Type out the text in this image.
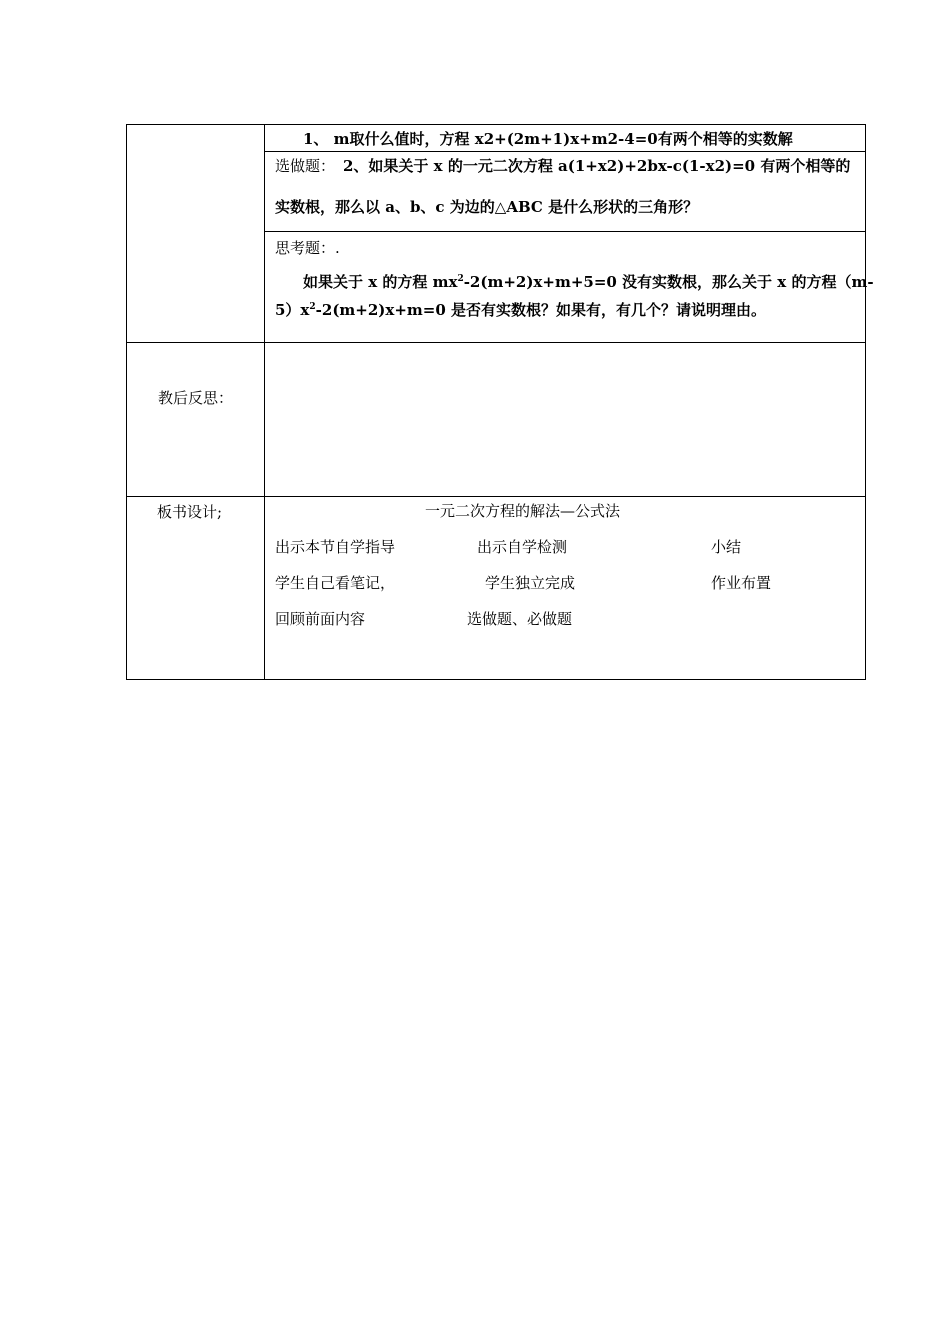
1、 m取什么值时，方程 x2+(2m+1)x+m2-4=0有两个相等的实数解
选做题： 2、如果关于 x 的一元二次方程 a(1+x2)+2bx-c(1-x2)=0 有两个相等的
实数根，那么以 a、b、c 为边的△ABC 是什么形状的三角形？
思考题：.
如果关于 x 的方程 $mx^2-2(m+2)x+m+5=0$ 没有实数根，那么关于 x 的方程（m-
$5)x^2-2(m+2)x+m=0$ 是否有实数根？如果有，有几个？请说明理由。
教后反思：
板书设计;	一元二次方程的解法—公式法
出示本节自学指导
学生自己看笔记，
回顾前面内容
出示自学检测
学生独立完成
选做题、必做题
小结
作业布置
